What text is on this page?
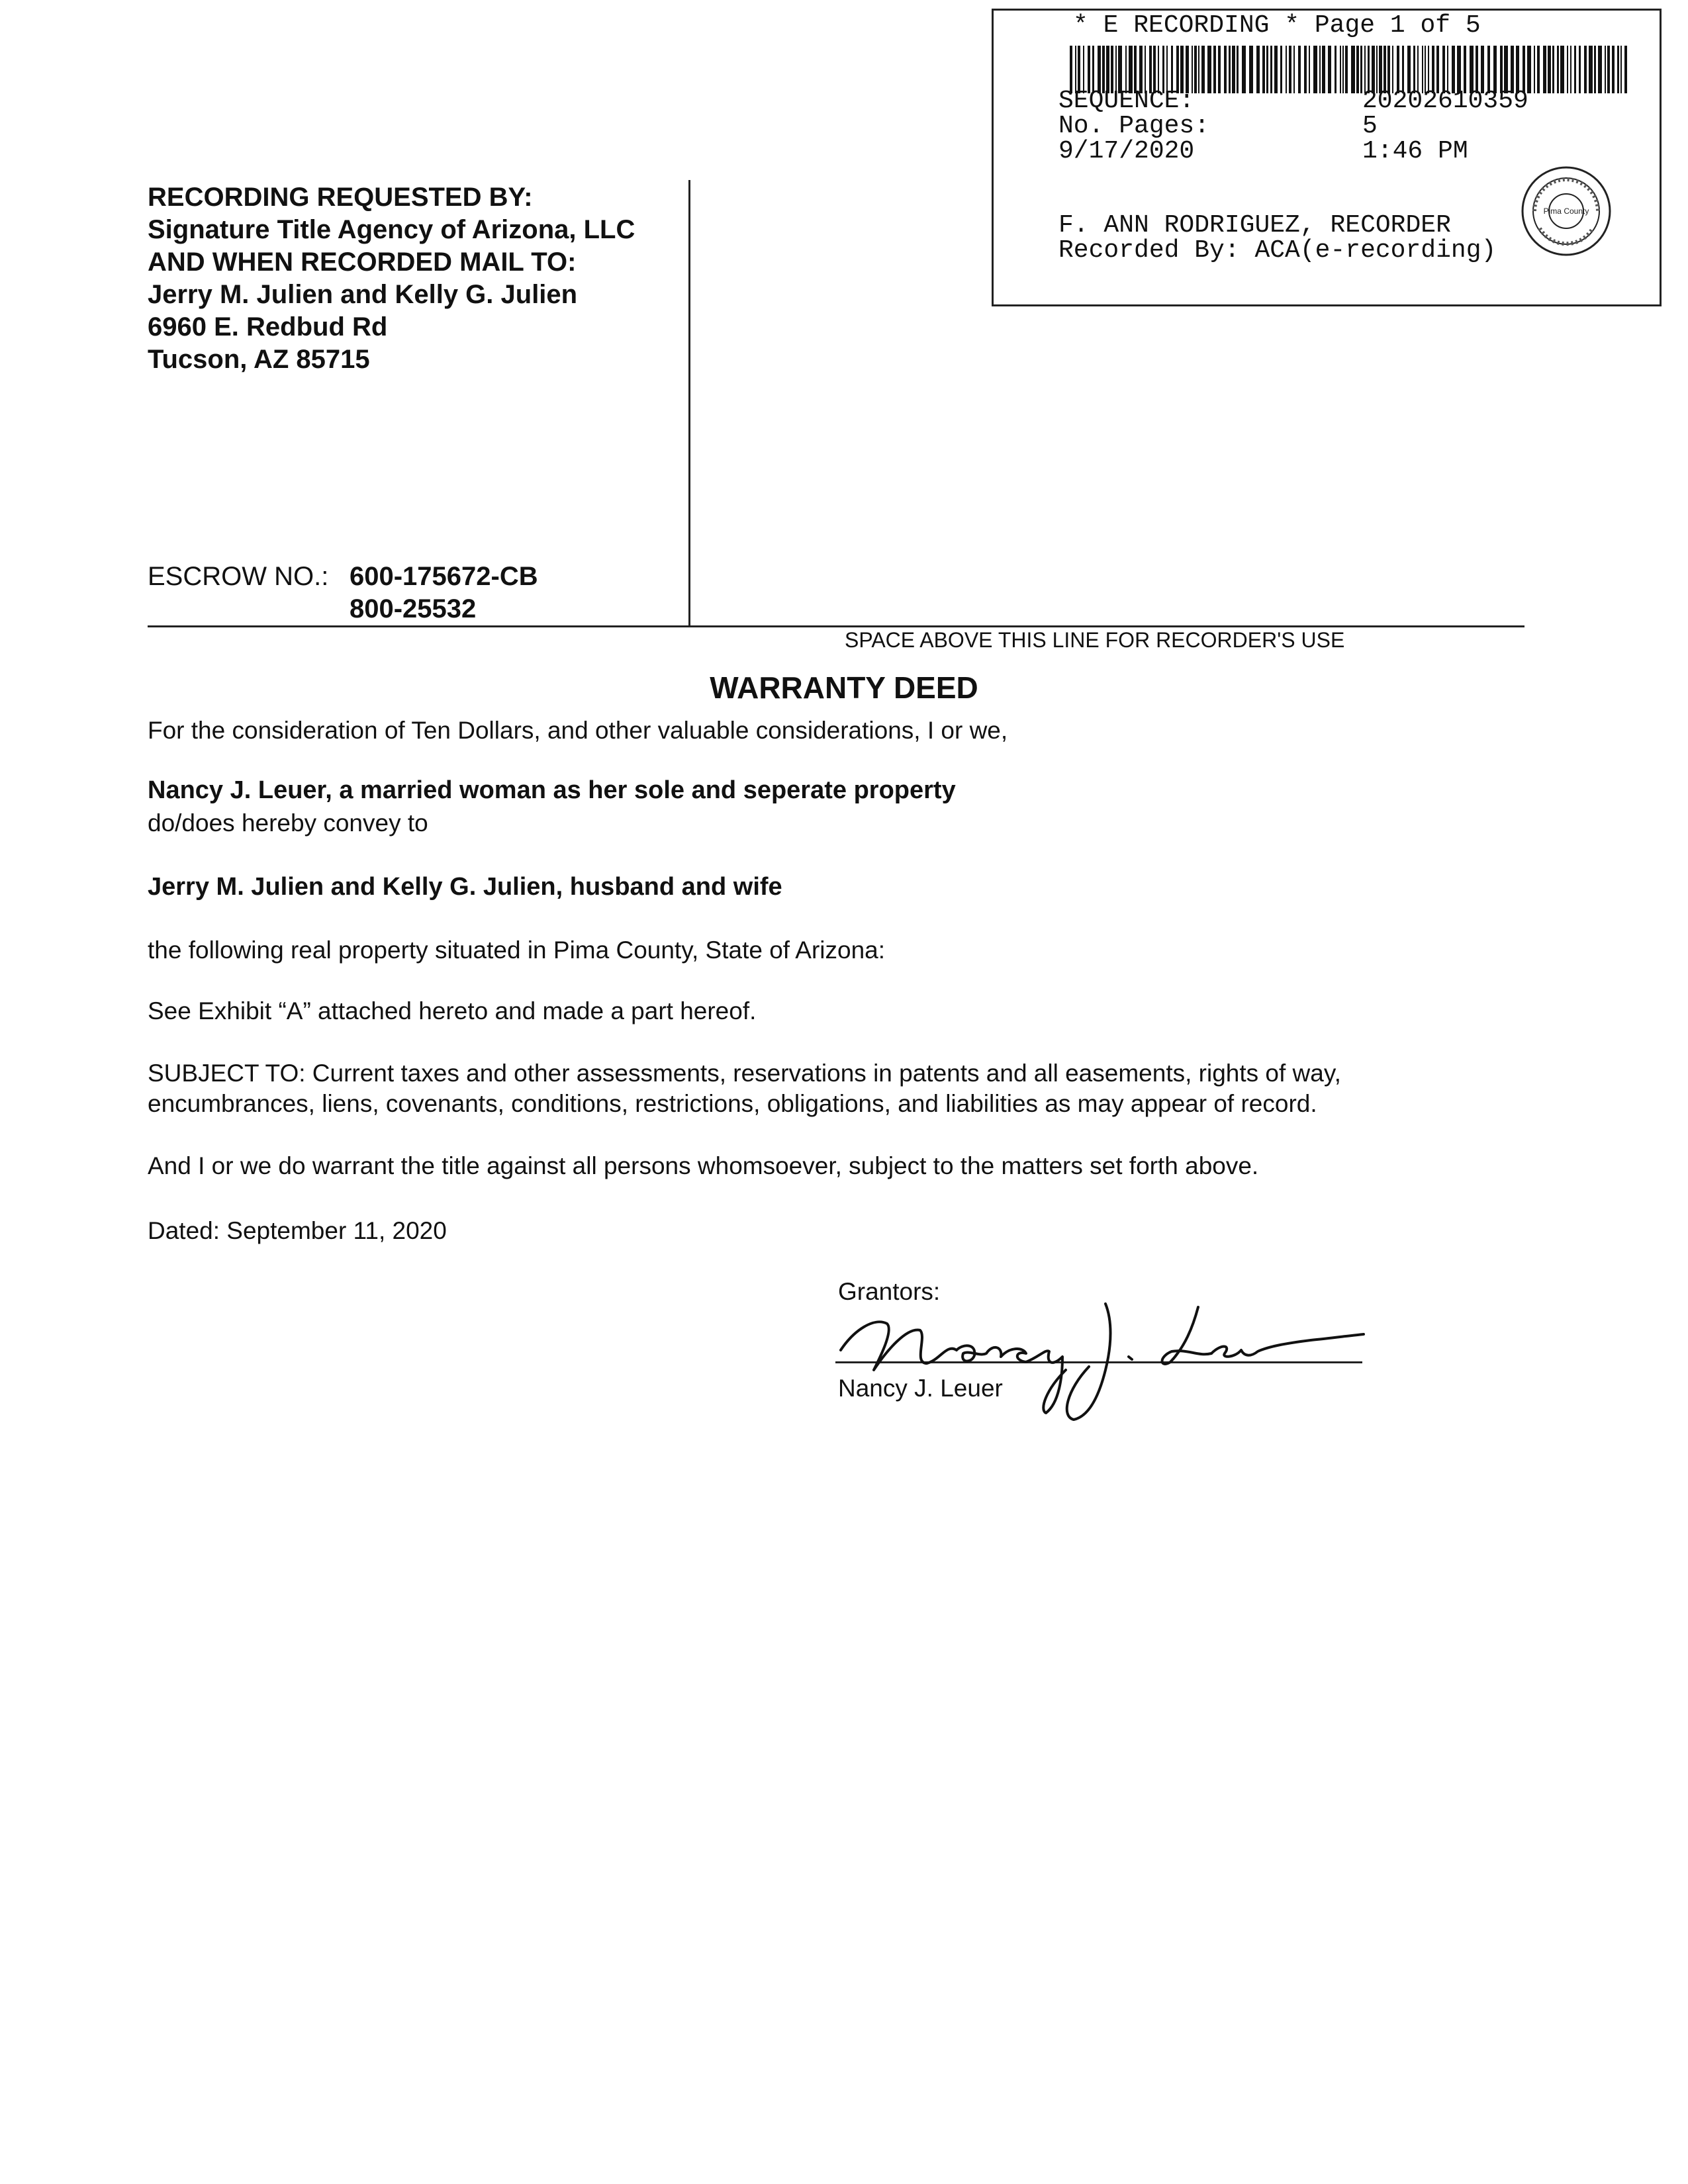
* E RECORDING * Page 1 of 5
SEQUENCE:	20202610359
No. Pages:	5
9/17/2020	1:46 PM
F. ANN RODRIGUEZ, RECORDER
Recorded By: ACA(e-recording)
Pima County
RECORDING REQUESTED BY:
Signature Title Agency of Arizona, LLC
AND WHEN RECORDED MAIL TO:
Jerry M. Julien and Kelly G. Julien
6960 E. Redbud Rd
Tucson, AZ 85715
ESCROW NO.: 600-175672-CB
800-25532
SPACE ABOVE THIS LINE FOR RECORDER'S USE
WARRANTY DEED
For the consideration of Ten Dollars, and other valuable considerations, I or we,
Nancy J. Leuer, a married woman as her sole and seperate property
do/does hereby convey to
Jerry M. Julien and Kelly G. Julien, husband and wife
the following real property situated in Pima County, State of Arizona:
See Exhibit “A” attached hereto and made a part hereof.
SUBJECT TO: Current taxes and other assessments, reservations in patents and all easements, rights of way,
encumbrances, liens, covenants, conditions, restrictions, obligations, and liabilities as may appear of record.
And I or we do warrant the title against all persons whomsoever, subject to the matters set forth above.
Dated: September 11, 2020
Grantors:
Nancy J. Leuer
